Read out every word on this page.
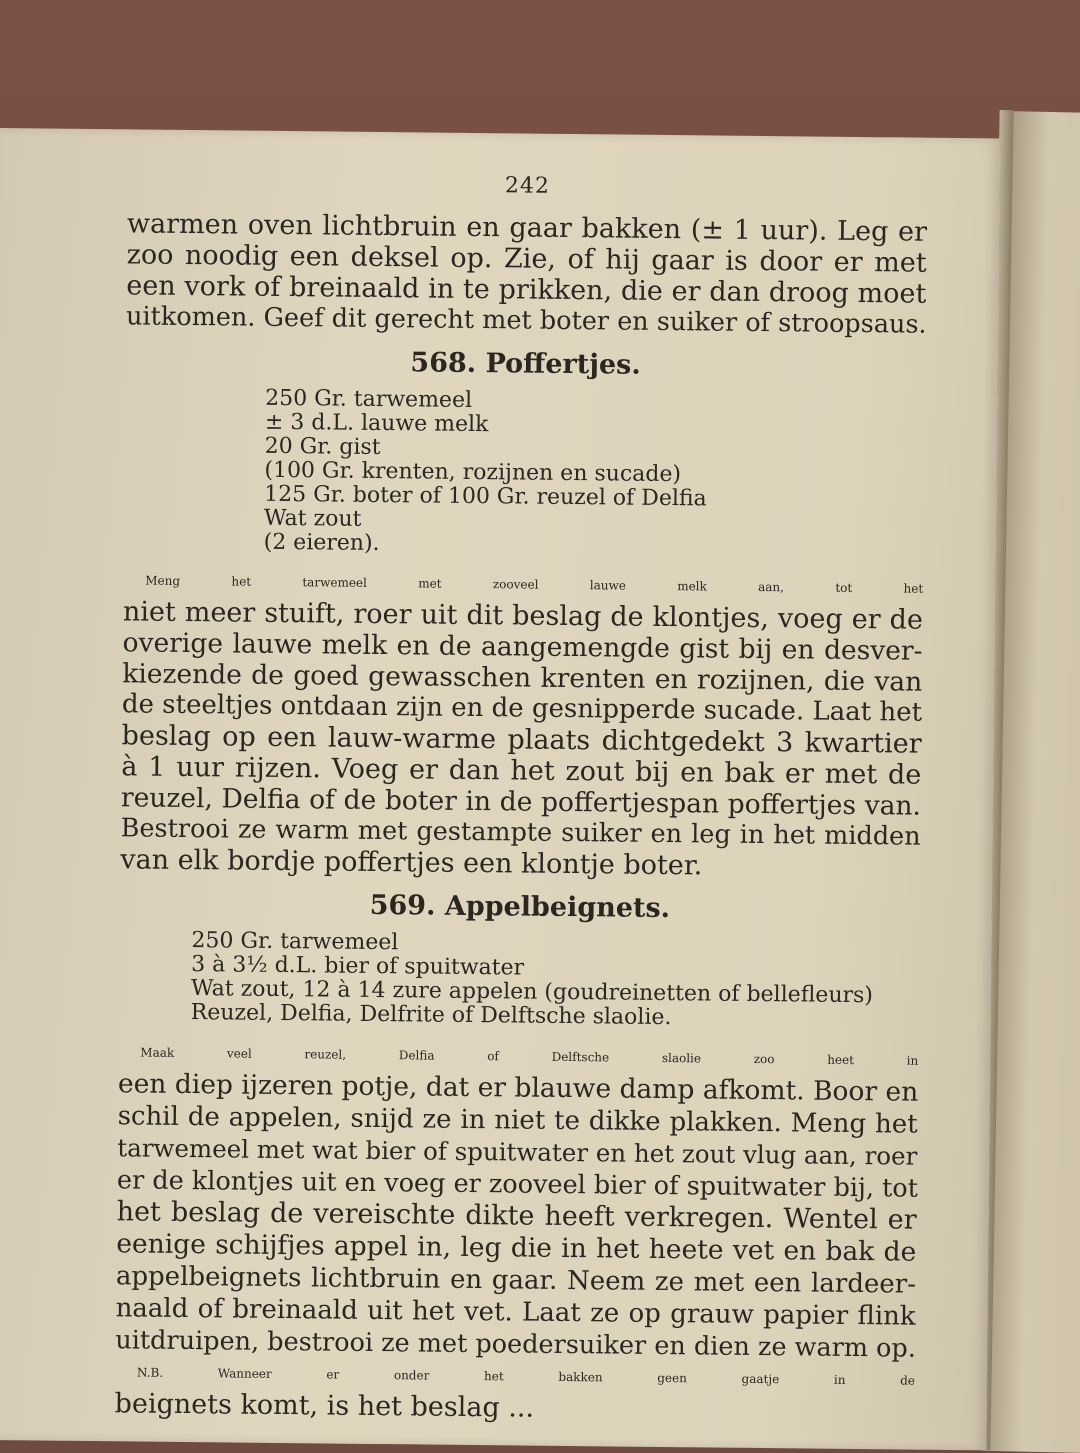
242
warmen oven lichtbruin en gaar bakken (± 1 uur). Leg er
zoo noodig een deksel op. Zie, of hij gaar is door er met
een vork of breinaald in te prikken, die er dan droog moet
uitkomen. Geef dit gerecht met boter en suiker of stroopsaus.
568. Poffertjes.
250 Gr. tarwemeel
± 3 d.L. lauwe melk
20 Gr. gist
(100 Gr. krenten, rozijnen en sucade)
125 Gr. boter of 100 Gr. reuzel of Delfia
Wat zout
(2 eieren).
Meng het tarwemeel met zooveel lauwe melk aan, tot het
niet meer stuift, roer uit dit beslag de klontjes, voeg er de
overige lauwe melk en de aangemengde gist bij en desver-
kiezende de goed gewasschen krenten en rozijnen, die van
de steeltjes ontdaan zijn en de gesnipperde sucade. Laat het
beslag op een lauw-warme plaats dichtgedekt 3 kwartier
à 1 uur rijzen. Voeg er dan het zout bij en bak er met de
reuzel, Delfia of de boter in de poffertjespan poffertjes van.
Bestrooi ze warm met gestampte suiker en leg in het midden
van elk bordje poffertjes een klontje boter.
569. Appelbeignets.
250 Gr. tarwemeel
3 à 3½ d.L. bier of spuitwater
Wat zout, 12 à 14 zure appelen (goudreinetten of bellefleurs)
Reuzel, Delfia, Delfrite of Delftsche slaolie.
Maak veel reuzel, Delfia of Delftsche slaolie zoo heet in
een diep ijzeren potje, dat er blauwe damp afkomt. Boor en
schil de appelen, snijd ze in niet te dikke plakken. Meng het
tarwemeel met wat bier of spuitwater en het zout vlug aan, roer
er de klontjes uit en voeg er zooveel bier of spuitwater bij, tot
het beslag de vereischte dikte heeft verkregen. Wentel er
eenige schijfjes appel in, leg die in het heete vet en bak de
appelbeignets lichtbruin en gaar. Neem ze met een lardeer-
naald of breinaald uit het vet. Laat ze op grauw papier flink
uitdruipen, bestrooi ze met poedersuiker en dien ze warm op.
N.B. Wanneer er onder het bakken geen gaatje in de
beignets komt, is het beslag ...
